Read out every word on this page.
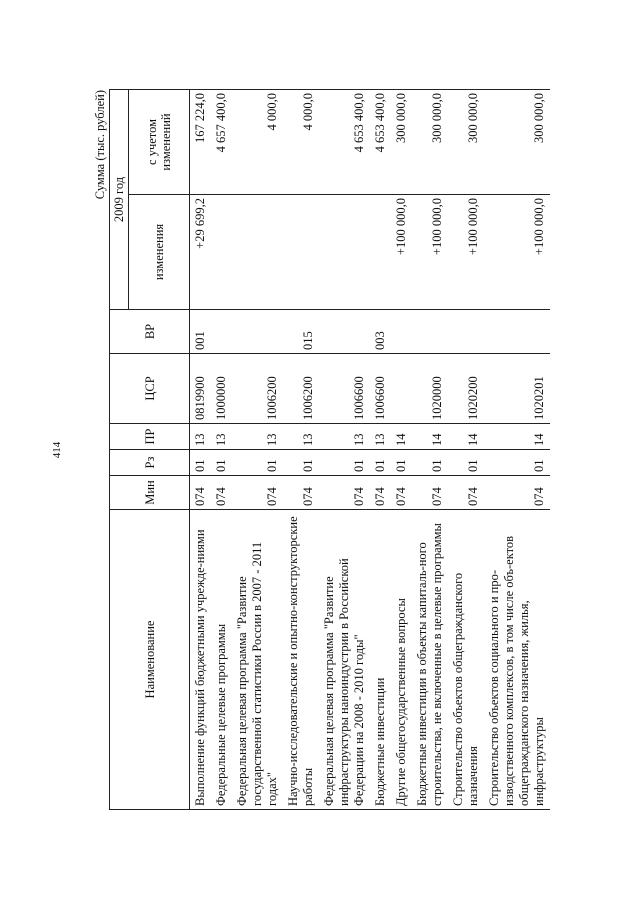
414
Сумма (тыс. рублей)
Наименование	Мин	Рз	ПР	ЦСР	ВР	2009 год	
						изменения	с учетом изменений

Выполнение функций бюджетными учрежде-ниями	074	01	13	0819900	001	+29 699,2	167 224,0
Федеральные целевые программы	074	01	13	1000000			4 657 400,0
Федеральная целевая программа "Развитие государственной статистики России в 2007 - 2011 годах"	074	01	13	1006200			4 000,0
Научно-исследовательские и опытно-конструкторские работы	074	01	13	1006200	015		4 000,0
Федеральная целевая программа "Развитие инфраструктуры наноиндустрии в Российской Федерации на 2008 - 2010 годы"	074	01	13	1006600			4 653 400,0
Бюджетные инвестиции	074	01	13	1006600	003		4 653 400,0
Другие общегосударственные вопросы	074	01	14			+100 000,0	300 000,0
Бюджетные инвестиции в объекты капиталь-ного строительства, не включенные в целевые программы	074	01	14	1020000		+100 000,0	300 000,0
Строительство объектов общегражданского назначения	074	01	14	1020200		+100 000,0	300 000,0
Строительство объектов социального и про-изводственного комплексов, в том числе объ-ектов общегражданского назначения, жилья, инфраструктуры	074	01	14	1020201		+100 000,0	300 000,0
